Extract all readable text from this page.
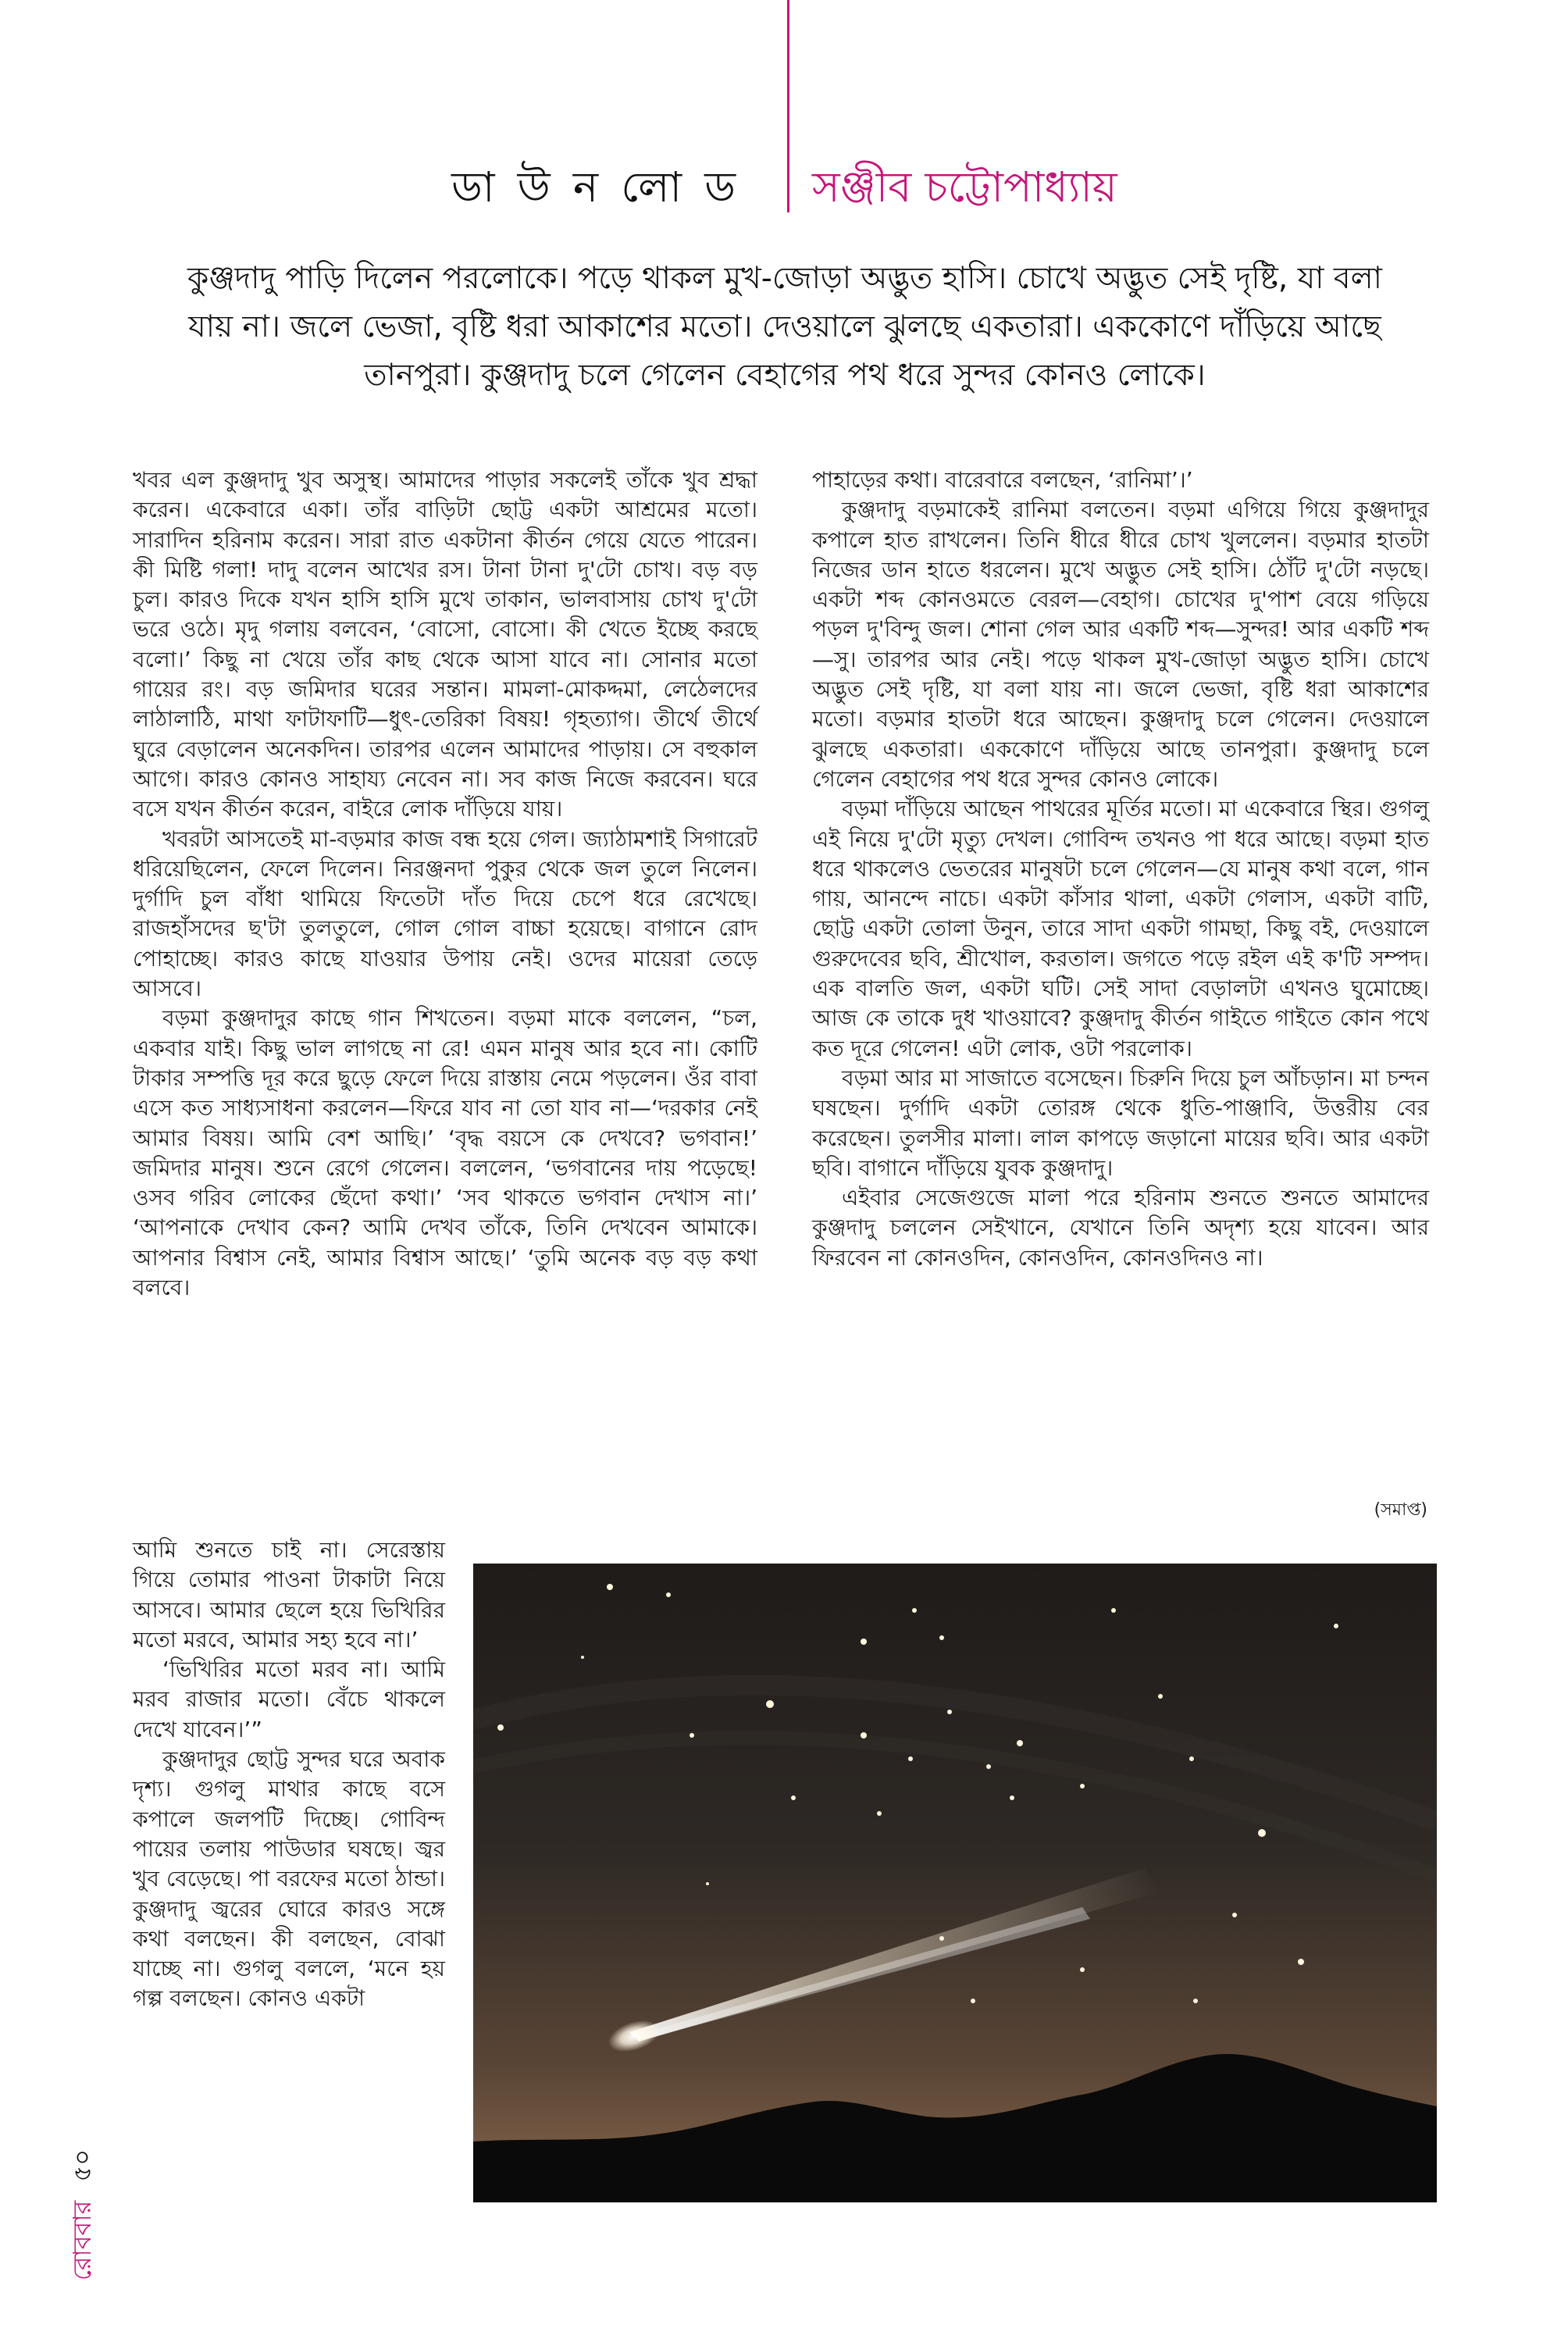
ডা উ ন লো ড সঞ্জীব চট্টোপাধ্যায়

কুঞ্জদাদু পাড়ি দিলেন পরলোকে। পড়ে থাকল মুখ-জোড়া অদ্ভুত হাসি। চোখে অদ্ভুত সেই দৃষ্টি, যা বলা

যায় না। জলে ভেজা, বৃষ্টি ধরা আকাশের মতো। দেওয়ালে ঝুলছে একতারা। এককোণে দাঁড়িয়ে আছে

তানপুরা। কুঞ্জদাদু চলে গেলেন বেহাগের পথ ধরে সুন্দর কোনও লোকে।

খবর এল কুঞ্জদাদু খুব অসুস্থ। আমাদের পাড়ার সকলেই তাঁকে খুব শ্রদ্ধা করেন। একেবারে একা। তাঁর বাড়িটা ছোট্ট একটা আশ্রমের মতো। সারাদিন হরিনাম করেন। সারা রাত একটানা কীর্তন গেয়ে যেতে পারেন। কী মিষ্টি গলা! দাদু বলেন আখের রস। টানা টানা দু'টো চোখ। বড় বড় চুল। কারও দিকে যখন হাসি হাসি মুখে তাকান, ভালবাসায় চোখ দু'টো ভরে ওঠে। মৃদু গলায় বলবেন, ‘বোসো, বোসো। কী খেতে ইচ্ছে করছে বলো।’ কিছু না খেয়ে তাঁর কাছ থেকে আসা যাবে না। সোনার মতো গায়ের রং। বড় জমিদার ঘরের সন্তান। মামলা-মোকদ্দমা, লেঠেলদের লাঠালাঠি, মাথা ফাটাফাটি—ধুৎ-তেরিকা বিষয়! গৃহত্যাগ। তীর্থে তীর্থে ঘুরে বেড়ালেন অনেকদিন। তারপর এলেন আমাদের পাড়ায়। সে বহুকাল আগে। কারও কোনও সাহায্য নেবেন না। সব কাজ নিজে করবেন। ঘরে বসে যখন কীর্তন করেন, বাইরে লোক দাঁড়িয়ে যায়।

খবরটা আসতেই মা-বড়মার কাজ বন্ধ হয়ে গেল। জ্যাঠামশাই সিগারেট ধরিয়েছিলেন, ফেলে দিলেন। নিরঞ্জনদা পুকুর থেকে জল তুলে নিলেন। দুর্গাদি চুল বাঁধা থামিয়ে ফিতেটা দাঁত দিয়ে চেপে ধরে রেখেছে। রাজহাঁসদের ছ'টা তুলতুলে, গোল গোল বাচ্চা হয়েছে। বাগানে রোদ পোহাচ্ছে। কারও কাছে যাওয়ার উপায় নেই। ওদের মায়েরা তেড়ে আসবে।

বড়মা কুঞ্জদাদুর কাছে গান শিখতেন। বড়মা মাকে বললেন, “চল, একবার যাই। কিছু ভাল লাগছে না রে! এমন মানুষ আর হবে না। কোটি টাকার সম্পত্তি দূর করে ছুড়ে ফেলে দিয়ে রাস্তায় নেমে পড়লেন। ওঁর বাবা এসে কত সাধ্যসাধনা করলেন—ফিরে যাব না তো যাব না—‘দরকার নেই আমার বিষয়। আমি বেশ আছি।’ ‘বৃদ্ধ বয়সে কে দেখবে? ভগবান!’ জমিদার মানুষ। শুনে রেগে গেলেন। বললেন, ‘ভগবানের দায় পড়েছে! ওসব গরিব লোকের ছেঁদো কথা।’ ‘সব থাকতে ভগবান দেখাস না।’ ‘আপনাকে দেখাব কেন? আমি দেখব তাঁকে, তিনি দেখবেন আমাকে। আপনার বিশ্বাস নেই, আমার বিশ্বাস আছে।’ ‘তুমি অনেক বড় বড় কথা বলবে।

আমি শুনতে চাই না। সেরেস্তায় গিয়ে তোমার পাওনা টাকাটা নিয়ে আসবে। আমার ছেলে হয়ে ভিখিরির মতো মরবে, আমার সহ্য হবে না।’

‘ভিখিরির মতো মরব না। আমি মরব রাজার মতো। বেঁচে থাকলে দেখে যাবেন।’”

কুঞ্জদাদুর ছোট্ট সুন্দর ঘরে অবাক দৃশ্য। গুগলু মাথার কাছে বসে কপালে জলপটি দিচ্ছে। গোবিন্দ পায়ের তলায় পাউডার ঘষছে। জ্বর খুব বেড়েছে। পা বরফের মতো ঠান্ডা। কুঞ্জদাদু জ্বরের ঘোরে কারও সঙ্গে কথা বলছেন। কী বলছেন, বোঝা যাচ্ছে না। গুগলু বললে, ‘মনে হয় গল্প বলছেন। কোনও একটা

পাহাড়ের কথা। বারেবারে বলছেন, ‘রানিমা’।’

কুঞ্জদাদু বড়মাকেই রানিমা বলতেন। বড়মা এগিয়ে গিয়ে কুঞ্জদাদুর কপালে হাত রাখলেন। তিনি ধীরে ধীরে চোখ খুললেন। বড়মার হাতটা নিজের ডান হাতে ধরলেন। মুখে অদ্ভুত সেই হাসি। ঠোঁট দু'টো নড়ছে। একটা শব্দ কোনওমতে বেরল—বেহাগ। চোখের দু'পাশ বেয়ে গড়িয়ে পড়ল দু'বিন্দু জল। শোনা গেল আর একটি শব্দ—সুন্দর! আর একটি শব্দ—সু। তারপর আর নেই। পড়ে থাকল মুখ-জোড়া অদ্ভুত হাসি। চোখে অদ্ভুত সেই দৃষ্টি, যা বলা যায় না। জলে ভেজা, বৃষ্টি ধরা আকাশের মতো। বড়মার হাতটা ধরে আছেন। কুঞ্জদাদু চলে গেলেন। দেওয়ালে ঝুলছে একতারা। এককোণে দাঁড়িয়ে আছে তানপুরা। কুঞ্জদাদু চলে গেলেন বেহাগের পথ ধরে সুন্দর কোনও লোকে।

বড়মা দাঁড়িয়ে আছেন পাথরের মূর্তির মতো। মা একেবারে স্থির। গুগলু এই নিয়ে দু'টো মৃত্যু দেখল। গোবিন্দ তখনও পা ধরে আছে। বড়মা হাত ধরে থাকলেও ভেতরের মানুষটা চলে গেলেন—যে মানুষ কথা বলে, গান গায়, আনন্দে নাচে। একটা কাঁসার থালা, একটা গেলাস, একটা বাটি, ছোট্ট একটা তোলা উনুন, তারে সাদা একটা গামছা, কিছু বই, দেওয়ালে গুরুদেবের ছবি, শ্রীখোল, করতাল। জগতে পড়ে রইল এই ক'টি সম্পদ। এক বালতি জল, একটা ঘটি। সেই সাদা বেড়ালটা এখনও ঘুমোচ্ছে। আজ কে তাকে দুধ খাওয়াবে? কুঞ্জদাদু কীর্তন গাইতে গাইতে কোন পথে কত দূরে গেলেন! এটা লোক, ওটা পরলোক।

বড়মা আর মা সাজাতে বসেছেন। চিরুনি দিয়ে চুল আঁচড়ান। মা চন্দন ঘষছেন। দুর্গাদি একটা তোরঙ্গ থেকে ধুতি-পাঞ্জাবি, উত্তরীয় বের করেছেন। তুলসীর মালা। লাল কাপড়ে জড়ানো মায়ের ছবি। আর একটা ছবি। বাগানে দাঁড়িয়ে যুবক কুঞ্জদাদু।

এইবার সেজেগুজে মালা পরে হরিনাম শুনতে শুনতে আমাদের কুঞ্জদাদু চললেন সেইখানে, যেখানে তিনি অদৃশ্য হয়ে যাবেন। আর ফিরবেন না কোনওদিন, কোনওদিন, কোনওদিনও না।

(সমাপ্ত)
রোববার ৫০
